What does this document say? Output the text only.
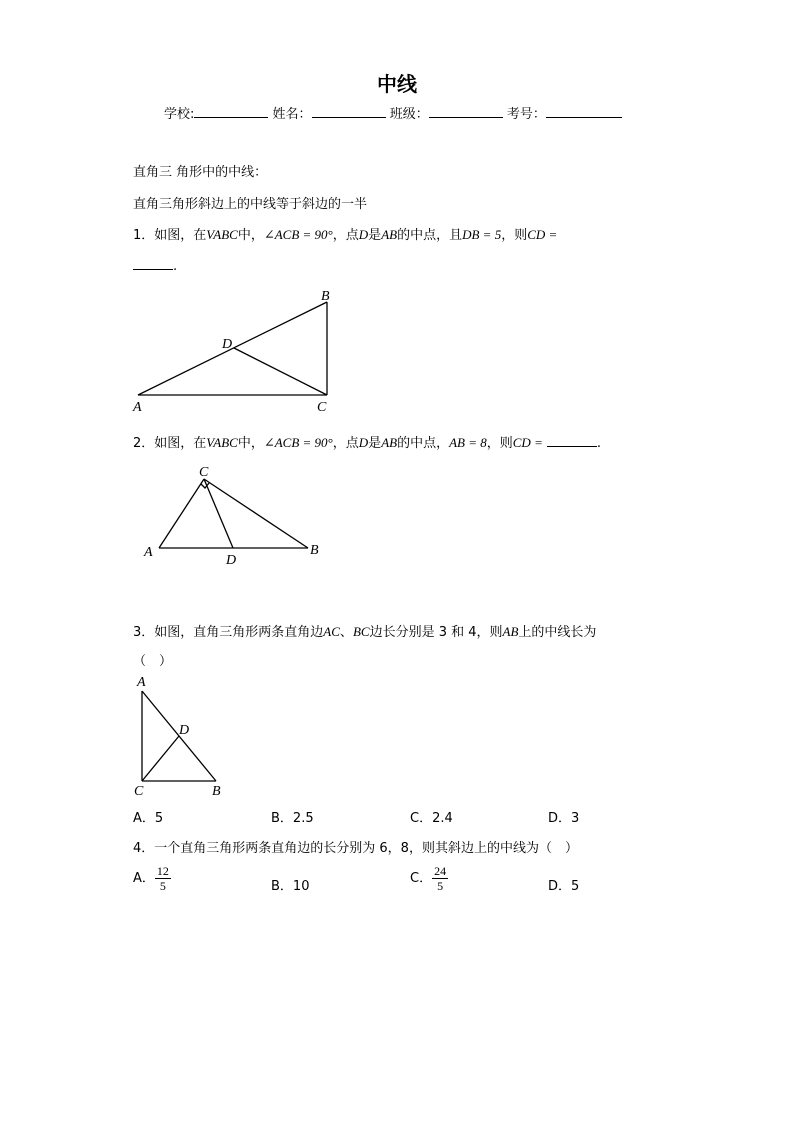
中线
学校:	姓名：	班级：	考号：
直角三 角形中的中线：
直角三角形斜边上的中线等于斜边的一半
1．如图，在VABC中，∠ACB = 90°，点D是AB的中点，且DB = 5，则CD =
.
A
B
C
D
2．如图，在VABC中，∠ACB = 90°，点D是AB的中点，AB = 8，则CD =	.
A	B
C
D
3．如图，直角三角形两条直角边AC、BC边长分别是 3 和 4，则AB上的中线长为
（　）
A
B
C
D
A．5	B．2.5	C．2.4	D．3
4．一个直角三角形两条直角边的长分别为 6，8，则其斜边上的中线为（　）
A． $\frac{12}{5}$	B．10
C． $\frac{24}{5}$	D．5
